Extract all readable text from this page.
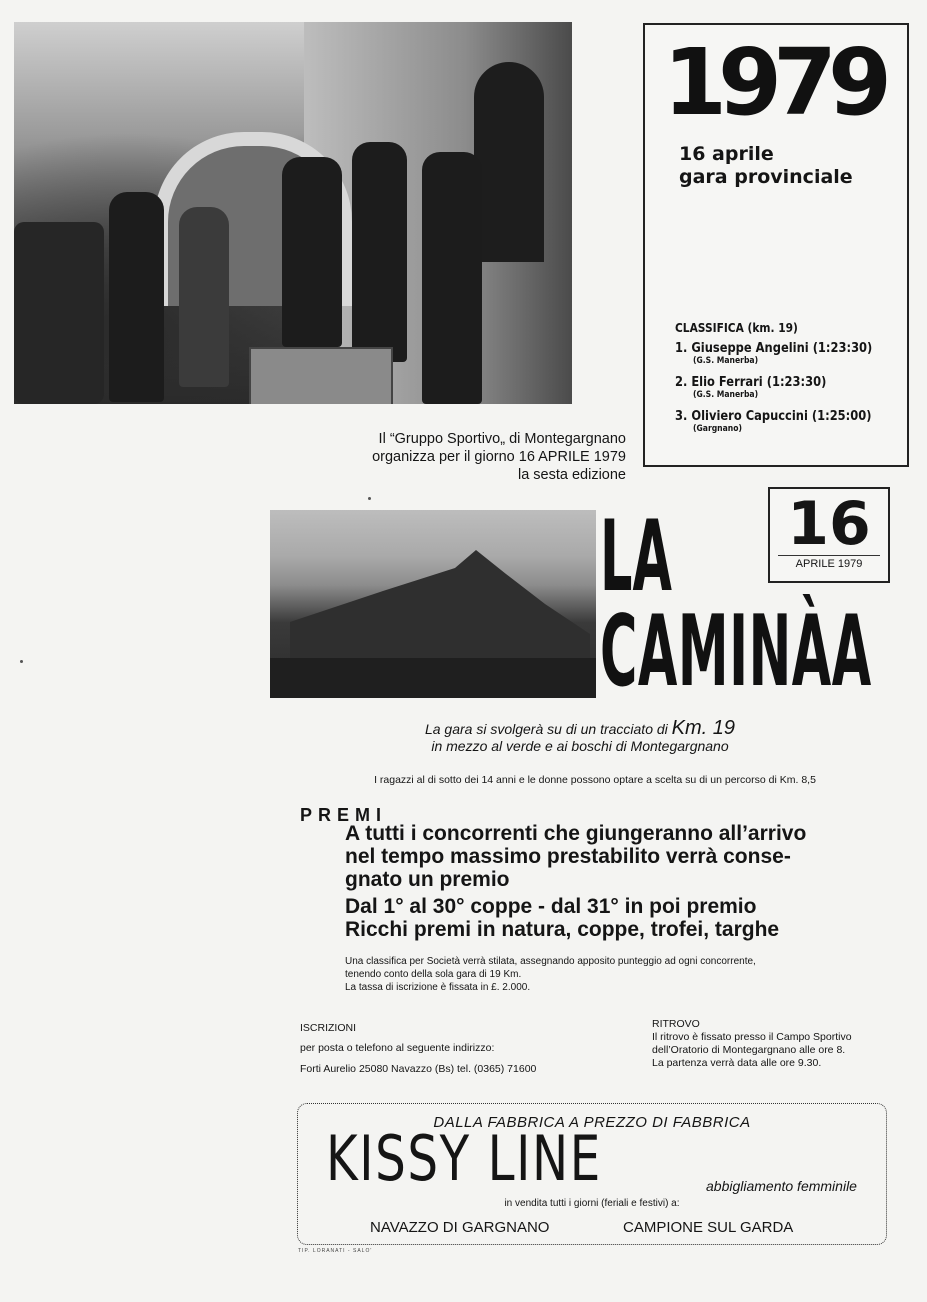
1979
16 aprile
gara provinciale
CLASSIFICA (km. 19)
1. Giuseppe Angelini (1:23:30)
(G.S. Manerba)
2. Elio Ferrari (1:23:30)
(G.S. Manerba)
3. Oliviero Capuccini (1:25:00)
(Gargnano)
Il “Gruppo Sportivo„ di Montegargnano
organizza per il giorno 16 APRILE 1979
la sesta edizione
LA
CAMINÀA
16
APRILE 1979
La gara si svolgerà su di un tracciato di Km. 19
in mezzo al verde e ai boschi di Montegargnano
I ragazzi al di sotto dei 14 anni e le donne possono optare a scelta su di un percorso di Km. 8,5
PREMI

A tutti i concorrenti che giungeranno all’arrivo

nel tempo massimo prestabilito verrà conse-

gnato un premio

Dal 1° al 30° coppe - dal 31° in poi premio

Ricchi premi in natura, coppe, trofei, targhe

Una classifica per Società verrà stilata, assegnando apposito punteggio ad ogni concorrente,
tenendo conto della sola gara di 19 Km.
La tassa di iscrizione è fissata in £. 2.000.
ISCRIZIONI
per posta o telefono al seguente indirizzo:
Forti Aurelio 25080 Navazzo (Bs) tel. (0365) 71600
RITROVO
Il ritrovo è fissato presso il Campo Sportivo
dell’Oratorio di Montegargnano alle ore 8.
La partenza verrà data alle ore 9.30.
DALLA FABBRICA A PREZZO DI FABBRICA
KISSY LINE	abbigliamento femminile
in vendita tutti i giorni (feriali e festivi) a:
NAVAZZO DI GARGNANO	CAMPIONE SUL GARDA
TIP. LORANATI - SALO'
